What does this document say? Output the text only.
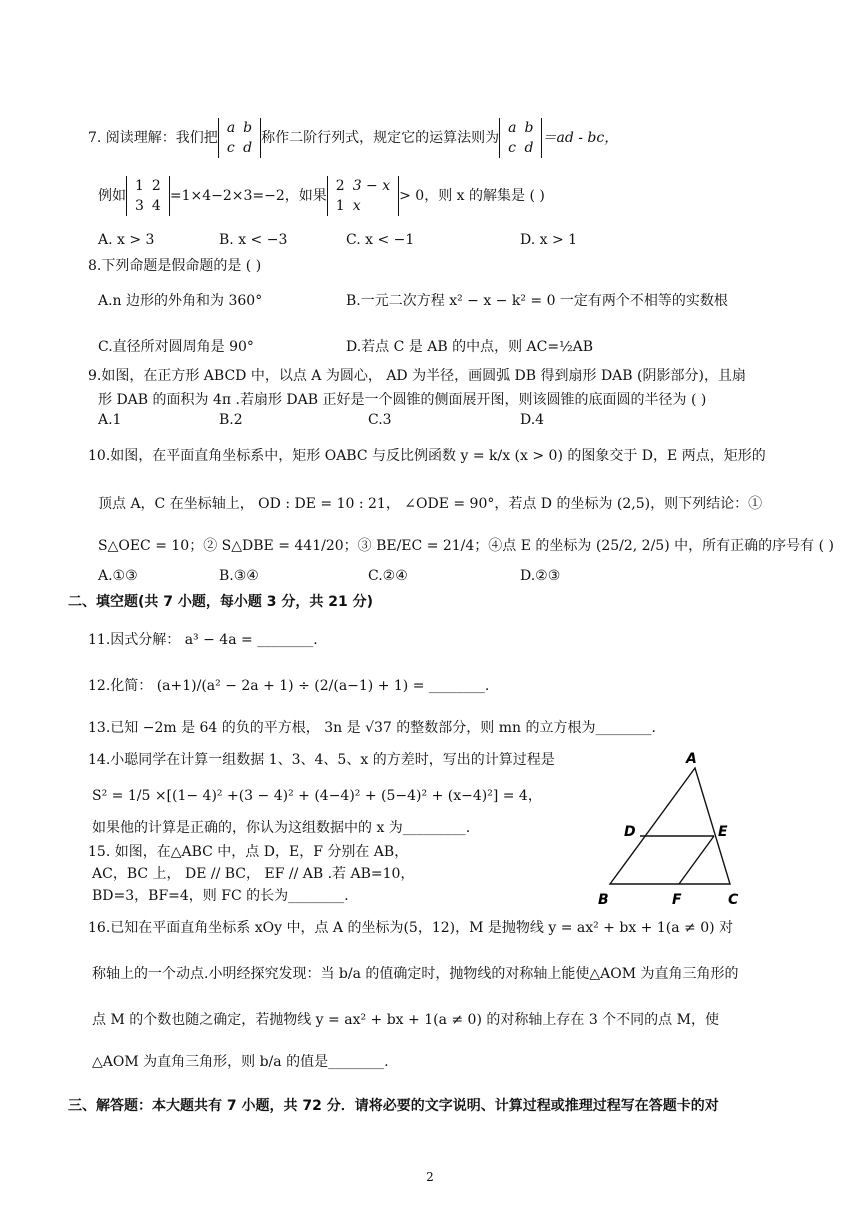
7. 阅读理解：我们把
a	b
c	d
称作二阶行列式，规定它的运算法则为
a	b
c	d
＝ad - bc，
例如
1	2
3	4
=1×4−2×3=−2，如果
2	3 − x
1	x
> 0，则 x 的解集是 ( )
A. x > 3	B. x < −3	C. x < −1	D. x > 1
8.下列命题是假命题的是 ( )
A.n 边形的外角和为 360°	B.一元二次方程 x² − x − k² = 0 一定有两个不相等的实数根
C.直径所对圆周角是 90°	D.若点 C 是 AB 的中点，则 AC=½AB
9.如图，在正方形 ABCD 中，以点 A 为圆心， AD 为半径，画圆弧 DB 得到扇形 DAB (阴影部分)，且扇
形 DAB 的面积为 4π .若扇形 DAB 正好是一个圆锥的侧面展开图，则该圆锥的底面圆的半径为 ( )
A.1	B.2	C.3	D.4
10.如图，在平面直角坐标系中，矩形 OABC 与反比例函数 y = k/x (x > 0) 的图象交于 D，E 两点，矩形的
顶点 A，C 在坐标轴上， OD : DE = 10 : 21， ∠ODE = 90°，若点 D 的坐标为 (2,5)，则下列结论：①
S△OEC = 10；② S△DBE = 441/20；③ BE/EC = 21/4；④点 E 的坐标为 (25/2, 2/5) 中，所有正确的序号有 ( )
A.①③	B.③④	C.②④	D.②③
二、填空题(共 7 小题，每小题 3 分，共 21 分)
11.因式分解： a³ − 4a = ________.
12.化简： (a+1)/(a² − 2a + 1) ÷ (2/(a−1) + 1) = ________.
13.已知 −2m 是 64 的负的平方根， 3n 是 √37 的整数部分，则 mn 的立方根为________.
14.小聪同学在计算一组数据 1、3、4、5、x 的方差时，写出的计算过程是
S² = 1/5 ×[(1− 4)² +(3 − 4)² + (4−4)² + (5−4)² + (x−4)²] = 4，
如果他的计算是正确的，你认为这组数据中的 x 为_________.
15. 如图，在△ABC 中，点 D，E，F 分别在 AB，
AC，BC 上， DE // BC， EF // AB .若 AB=10，
BD=3，BF=4，则 FC 的长为________.
A
B	C
D	E
F
16.已知在平面直角坐标系 xOy 中，点 A 的坐标为(5，12)，M 是抛物线 y = ax² + bx + 1(a ≠ 0) 对
称轴上的一个动点.小明经探究发现：当 b/a 的值确定时，抛物线的对称轴上能使△AOM 为直角三角形的
点 M 的个数也随之确定，若抛物线 y = ax² + bx + 1(a ≠ 0) 的对称轴上存在 3 个不同的点 M，使
△AOM 为直角三角形，则 b/a 的值是________.
三、解答题：本大题共有 7 小题，共 72 分．请将必要的文字说明、计算过程或推理过程写在答题卡的对
2
